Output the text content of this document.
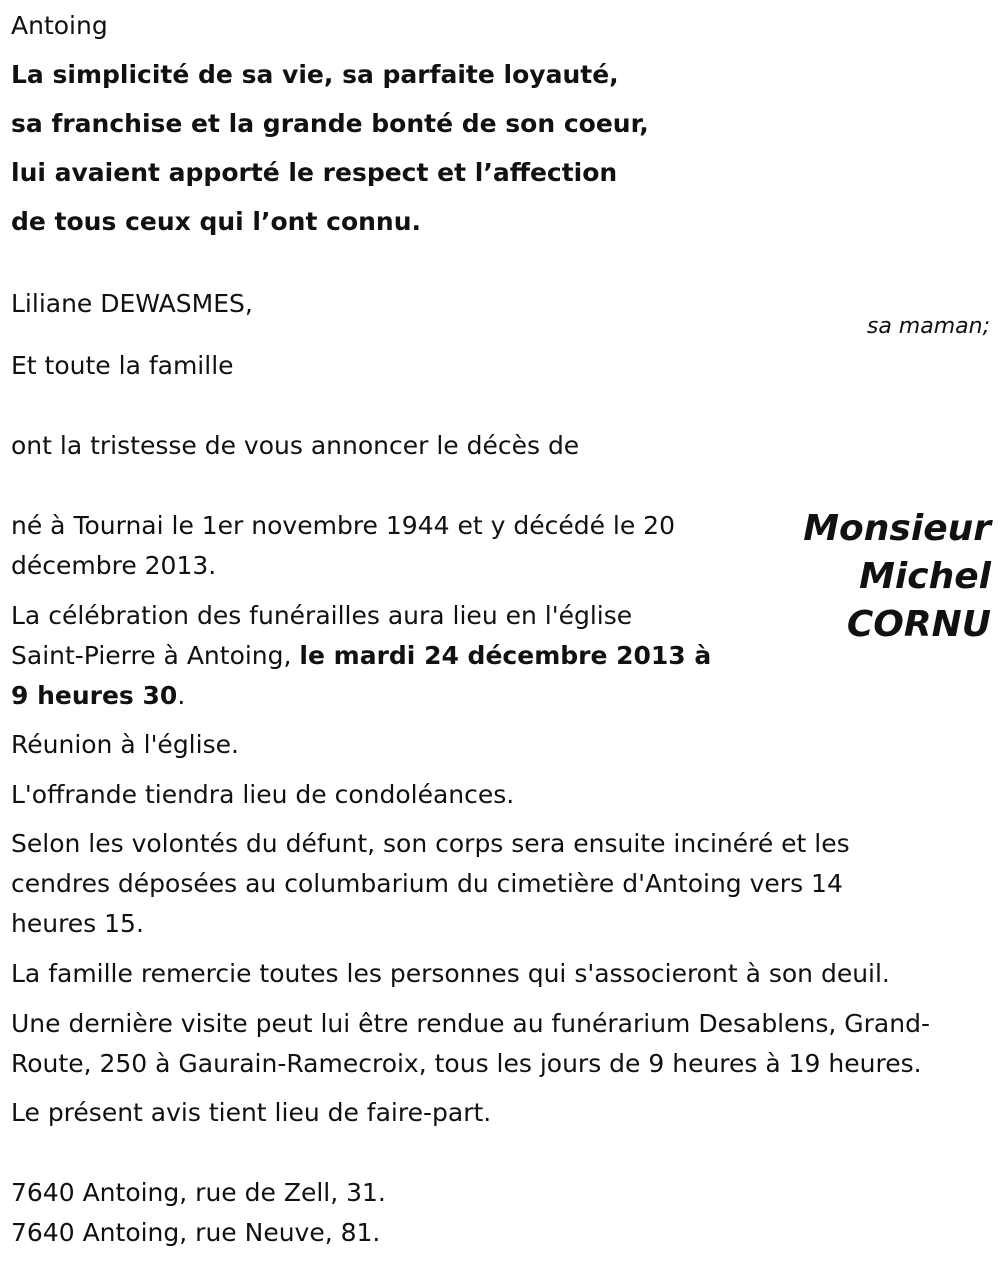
Antoing
La simplicité de sa vie, sa parfaite loyauté,
sa franchise et la grande bonté de son coeur,
lui avaient apporté le respect et l’affection
de tous ceux qui l’ont connu.
Liliane DEWASMES,
sa maman;
Et toute la famille
ont la tristesse de vous annoncer le décès de
Monsieur
Michel
CORNU
né à Tournai le 1er novembre 1944 et y décédé le 20
décembre 2013.
La célébration des funérailles aura lieu en l'église
Saint-Pierre à Antoing, le mardi 24 décembre 2013 à
9 heures 30.
Réunion à l'église.
L'offrande tiendra lieu de condoléances.
Selon les volontés du défunt, son corps sera ensuite inciné‌ré et les
cendres déposées au columbarium du cimetière d'Antoing vers 14
heures 15.
La famille remercie toutes les personnes qui s'associeront à son deuil.
Une dernière visite peut lui être rendue au funérarium Desablens, Grand-
Route, 250 à Gaurain-Ramecroix, tous les jours de 9 heures à 19 heures.
Le présent avis tient lieu de faire-part.
7640 Antoing, rue de Zell, 31.
7640 Antoing, rue Neuve, 81.
